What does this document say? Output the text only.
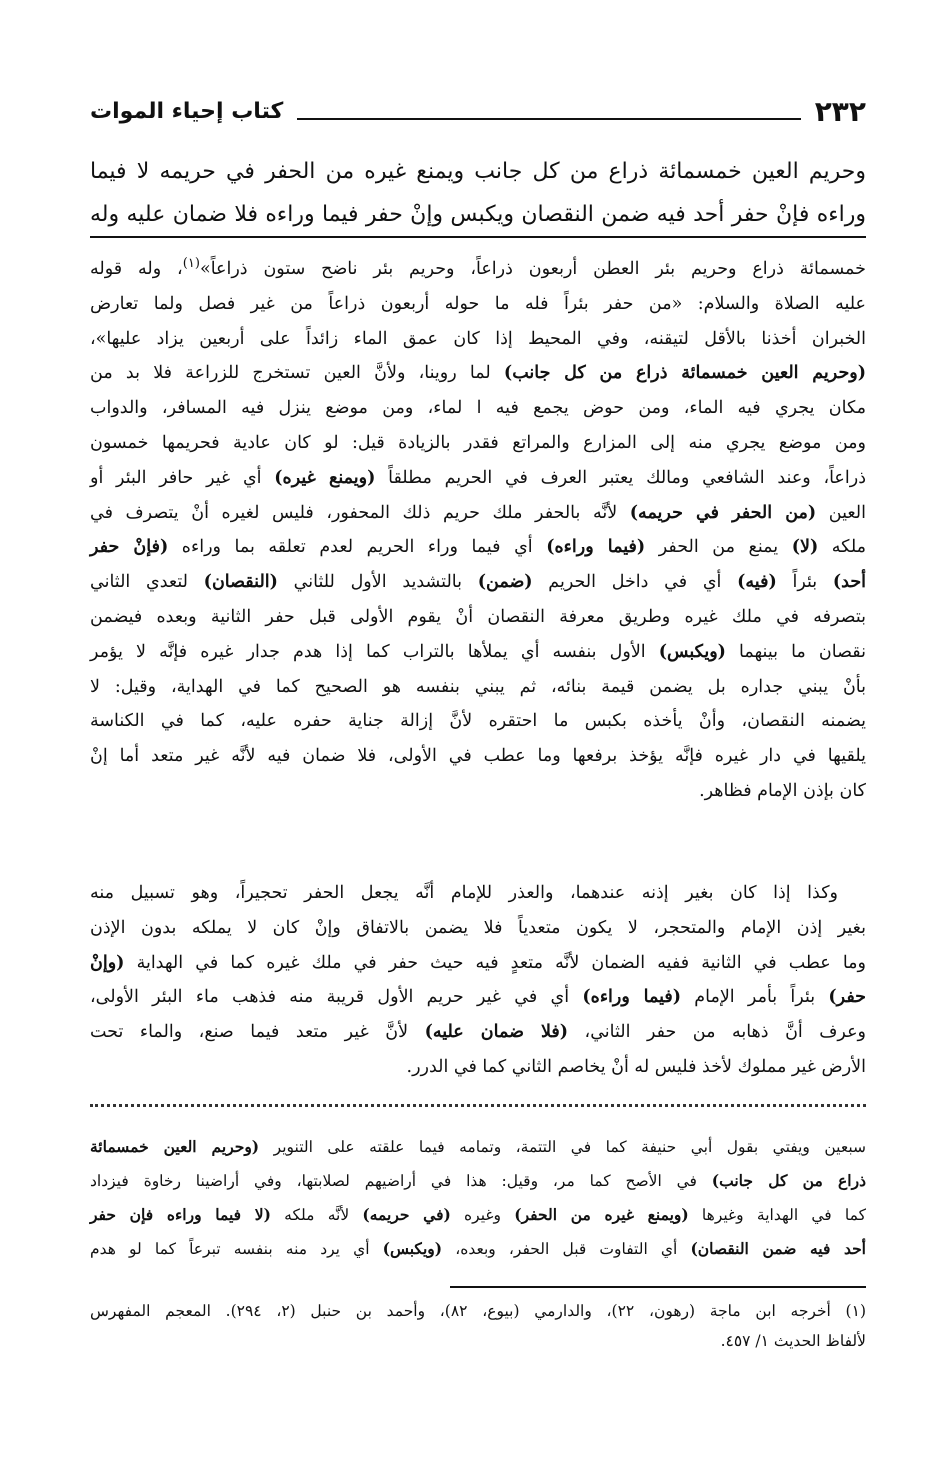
٢٣٢
كتاب إحياء الموات
وحريم العين خمسمائة ذراع من كل جانب ويمنع غيره من الحفر في حريمه لا فيما
وراءه فإنْ حفر أحد فيه ضمن النقصان ويكبس وإنْ حفر فيما وراءه فلا ضمان عليه وله
خمسمائة ذراع وحريم بئر العطن أربعون ذراعاً، وحريم بئر ناضح ستون ذراعاً»$^{(١)}$، وله قوله
عليه الصلاة والسلام: «من حفر بئراً فله ما حوله أربعون ذراعاً من غير فصل ولما تعارض
الخبران أخذنا بالأقل لتيقنه، وفي المحيط إذا كان عمق الماء زائداً على أربعين يزاد عليها»،
(وحريم العين خمسمائة ذراع من كل جانب) لما روينا، ولأنَّ العين تستخرج للزراعة فلا بد من
مكان يجري فيه الماء، ومن حوض يجمع فيه ا لماء، ومن موضع ينزل فيه المسافر، والدواب
ومن موضع يجري منه إلى المزارع والمراتع فقدر بالزيادة قيل: لو كان عادية فحريمها خمسون
ذراعاً، وعند الشافعي ومالك يعتبر العرف في الحريم مطلقاً (ويمنع غيره) أي غير حافر البئر أو
العين (من الحفر في حريمه) لأنَّه بالحفر ملك حريم ذلك المحفور، فليس لغيره أنْ يتصرف في
ملكه (لا) يمنع من الحفر (فيما وراءه) أي فيما وراء الحريم لعدم تعلقه بما وراءه (فإنْ حفر
أحد) بئراً (فيه) أي في داخل الحريم (ضمن) بالتشديد الأول للثاني (النقصان) لتعدي الثاني
بتصرفه في ملك غيره وطريق معرفة النقصان أنْ يقوم الأولى قبل حفر الثانية وبعده فيضمن
نقصان ما بينهما (ويكبس) الأول بنفسه أي يملأها بالتراب كما إذا هدم جدار غيره فإنَّه لا يؤمر
بأنْ يبني جداره بل يضمن قيمة بنائه، ثم يبني بنفسه هو الصحيح كما في الهداية، وقيل: لا
يضمنه النقصان، وأنْ يأخذه بكبس ما احتقره لأنَّ إزالة جناية حفره عليه، كما في الكناسة
يلقيها في دار غيره فإنَّه يؤخذ برفعها وما عطب في الأولى، فلا ضمان فيه لأنَّه غير متعد أما إنْ
كان بإذن الإمام فظاهر.
وكذا إذا كان بغير إذنه عندهما، والعذر للإمام أنَّه يجعل الحفر تحجيراً، وهو تسبيل منه
بغير إذن الإمام والمتحجر، لا يكون متعدياً فلا يضمن بالاتفاق وإنْ كان لا يملكه بدون الإذن
وما عطب في الثانية ففيه الضمان لأنَّه متعدٍ فيه حيث حفر في ملك غيره كما في الهداية (وإنْ
حفر) بئراً بأمر الإمام (فيما وراءه) أي في غير حريم الأول قريبة منه فذهب ماء البئر الأولى،
وعرف أنَّ ذهابه من حفر الثاني، (فلا ضمان عليه) لأنَّ غير متعد فيما صنع، والماء تحت
الأرض غير مملوك لأخذ فليس له أنْ يخاصم الثاني كما في الدرر.
سبعين ويفتي بقول أبي حنيفة كما في التتمة، وتمامه فيما علقته على التنوير (وحريم العين خمسمائة
ذراع من كل جانب) في الأصح كما مر، وقيل: هذا في أراضيهم لصلابتها، وفي أراضينا رخاوة فيزداد
كما في الهداية وغيرها (ويمنع غيره من الحفر) وغيره (في حريمه) لأنَّه ملكه (لا فيما وراءه فإن حفر
أحد فيه ضمن النقصان) أي التفاوت قبل الحفر، وبعده، (ويكبس) أي يرد منه بنفسه تبرعاً كما لو هدم
(١) أخرجه ابن ماجة (رهون، ٢٢)، والدارمي (بيوع، ٨٢)، وأحمد بن حنبل (٢، ٢٩٤). المعجم المفهرس
لألفاظ الحديث ١/ ٤٥٧.
